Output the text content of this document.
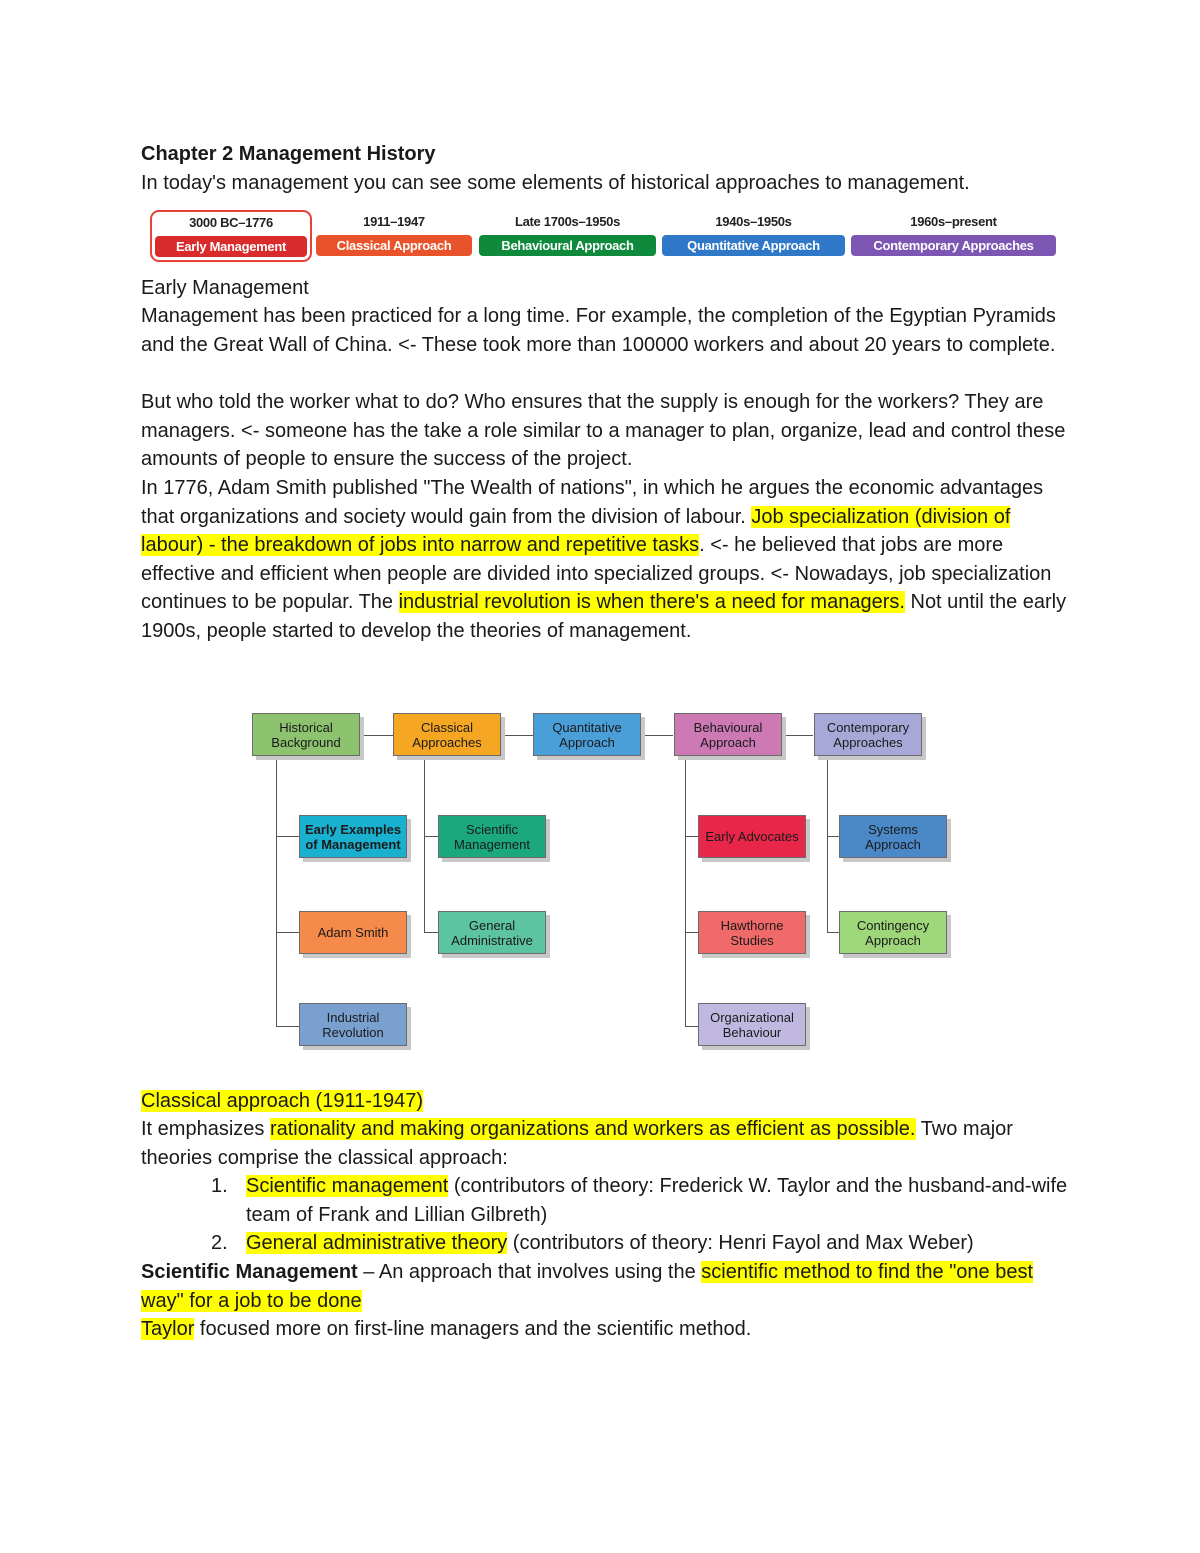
Chapter 2 Management History
In today's management you can see some elements of historical approaches to management.
3000 BC–1776
Early Management
1911–1947
Classical Approach
Late 1700s–1950s
Behavioural Approach
1940s–1950s
Quantitative Approach
1960s–present
Contemporary Approaches
Early Management
Management has been practiced for a long time. For example, the completion of the Egyptian Pyramids and the Great Wall of China. <- These took more than 100000 workers and about 20 years to complete.
But who told the worker what to do? Who ensures that the supply is enough for the workers? They are managers. <- someone has the take a role similar to a manager to plan, organize, lead and control these amounts of people to ensure the success of the project.
In 1776, Adam Smith published "The Wealth of nations", in which he argues the economic advantages that organizations and society would gain from the division of labour. Job specialization (division of labour) - the breakdown of jobs into narrow and repetitive tasks. <- he believed that jobs are more effective and efficient when people are divided into specialized groups. <- Nowadays, job specialization continues to be popular. The industrial revolution is when there's a need for managers. Not until the early 1900s, people started to develop the theories of management.
Historical Background
Classical Approaches
Quantitative Approach
Behavioural Approach
Contemporary Approaches
Early Examples of Management
Adam Smith
Industrial Revolution
Scientific Management
General Administrative
Early Advocates
Hawthorne Studies
Organizational Behaviour
Systems Approach
Contingency Approach
Classical approach (1911-1947)
It emphasizes rationality and making organizations and workers as efficient as possible. Two major theories comprise the classical approach:
1. Scientific management (contributors of theory: Frederick W. Taylor and the husband-and-wife team of Frank and Lillian Gilbreth)
2. General administrative theory (contributors of theory: Henri Fayol and Max Weber)
Scientific Management – An approach that involves using the scientific method to find the "one best way" for a job to be done
Taylor focused more on first-line managers and the scientific method.
